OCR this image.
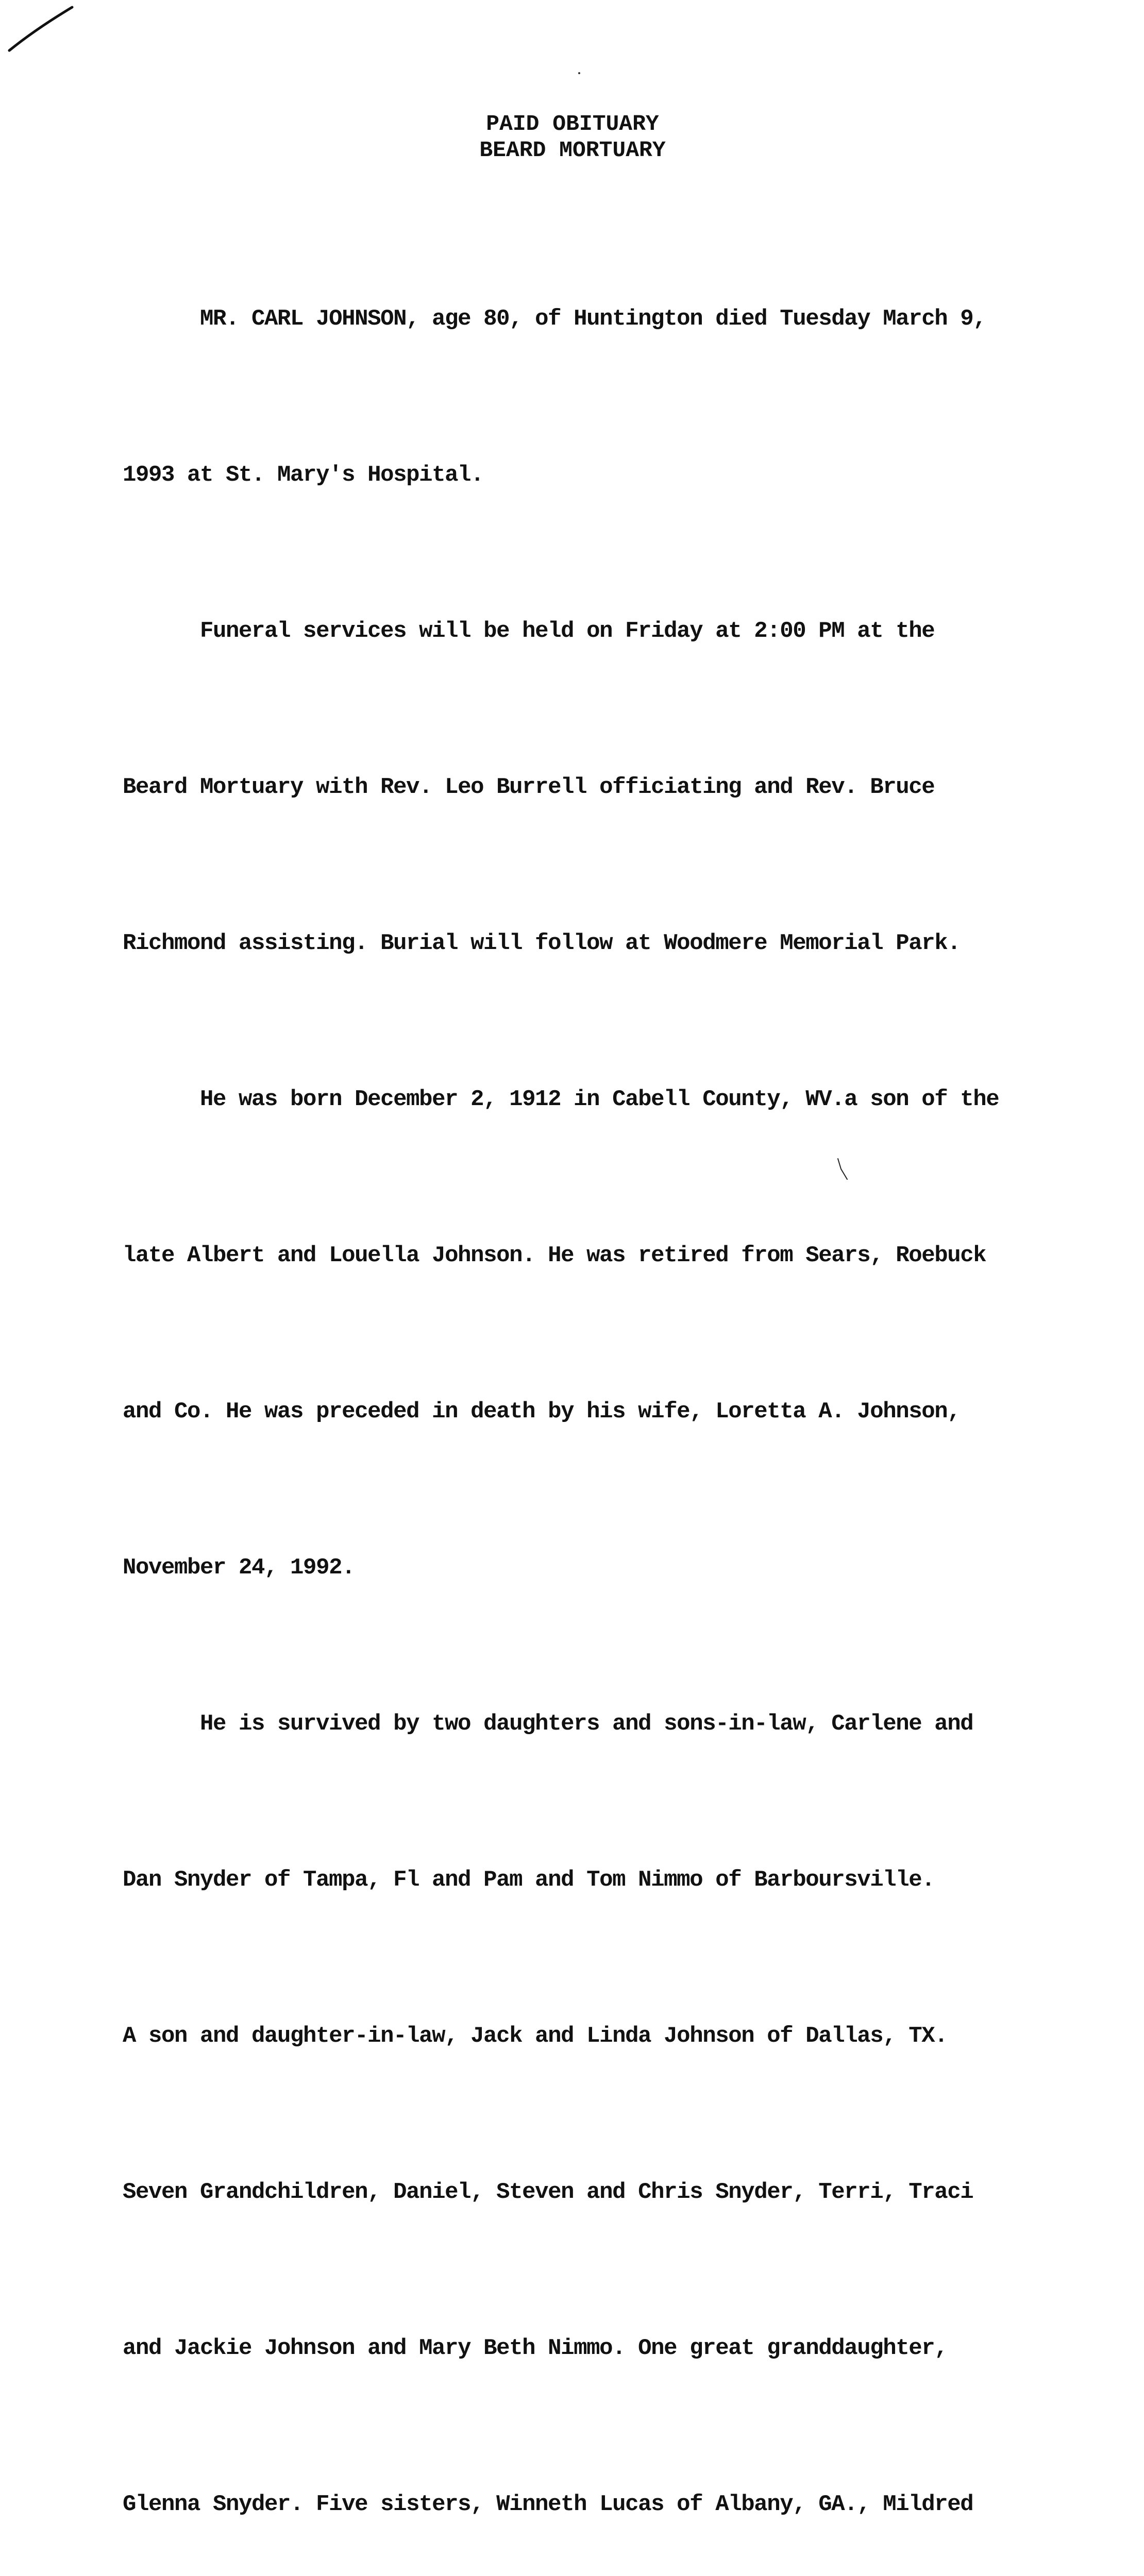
PAID OBITUARY
BEARD MORTUARY

MR. CARL JOHNSON, age 80, of Huntington died Tuesday March 9,

1993 at St. Mary's Hospital.

Funeral services will be held on Friday at 2:00 PM at the

Beard Mortuary with Rev. Leo Burrell officiating and Rev. Bruce

Richmond assisting. Burial will follow at Woodmere Memorial Park.

He was born December 2, 1912 in Cabell County, WV.a son of the

late Albert and Louella Johnson. He was retired from Sears, Roebuck

and Co. He was preceded in death by his wife, Loretta A. Johnson,

November 24, 1992.

He is survived by two daughters and sons-in-law, Carlene and

Dan Snyder of Tampa, Fl and Pam and Tom Nimmo of Barboursville.

A son and daughter-in-law, Jack and Linda Johnson of Dallas, TX.

Seven Grandchildren, Daniel, Steven and Chris Snyder, Terri, Traci

and Jackie Johnson and Mary Beth Nimmo. One great granddaughter,

Glenna Snyder. Five sisters, Winneth Lucas of Albany, GA., Mildred
